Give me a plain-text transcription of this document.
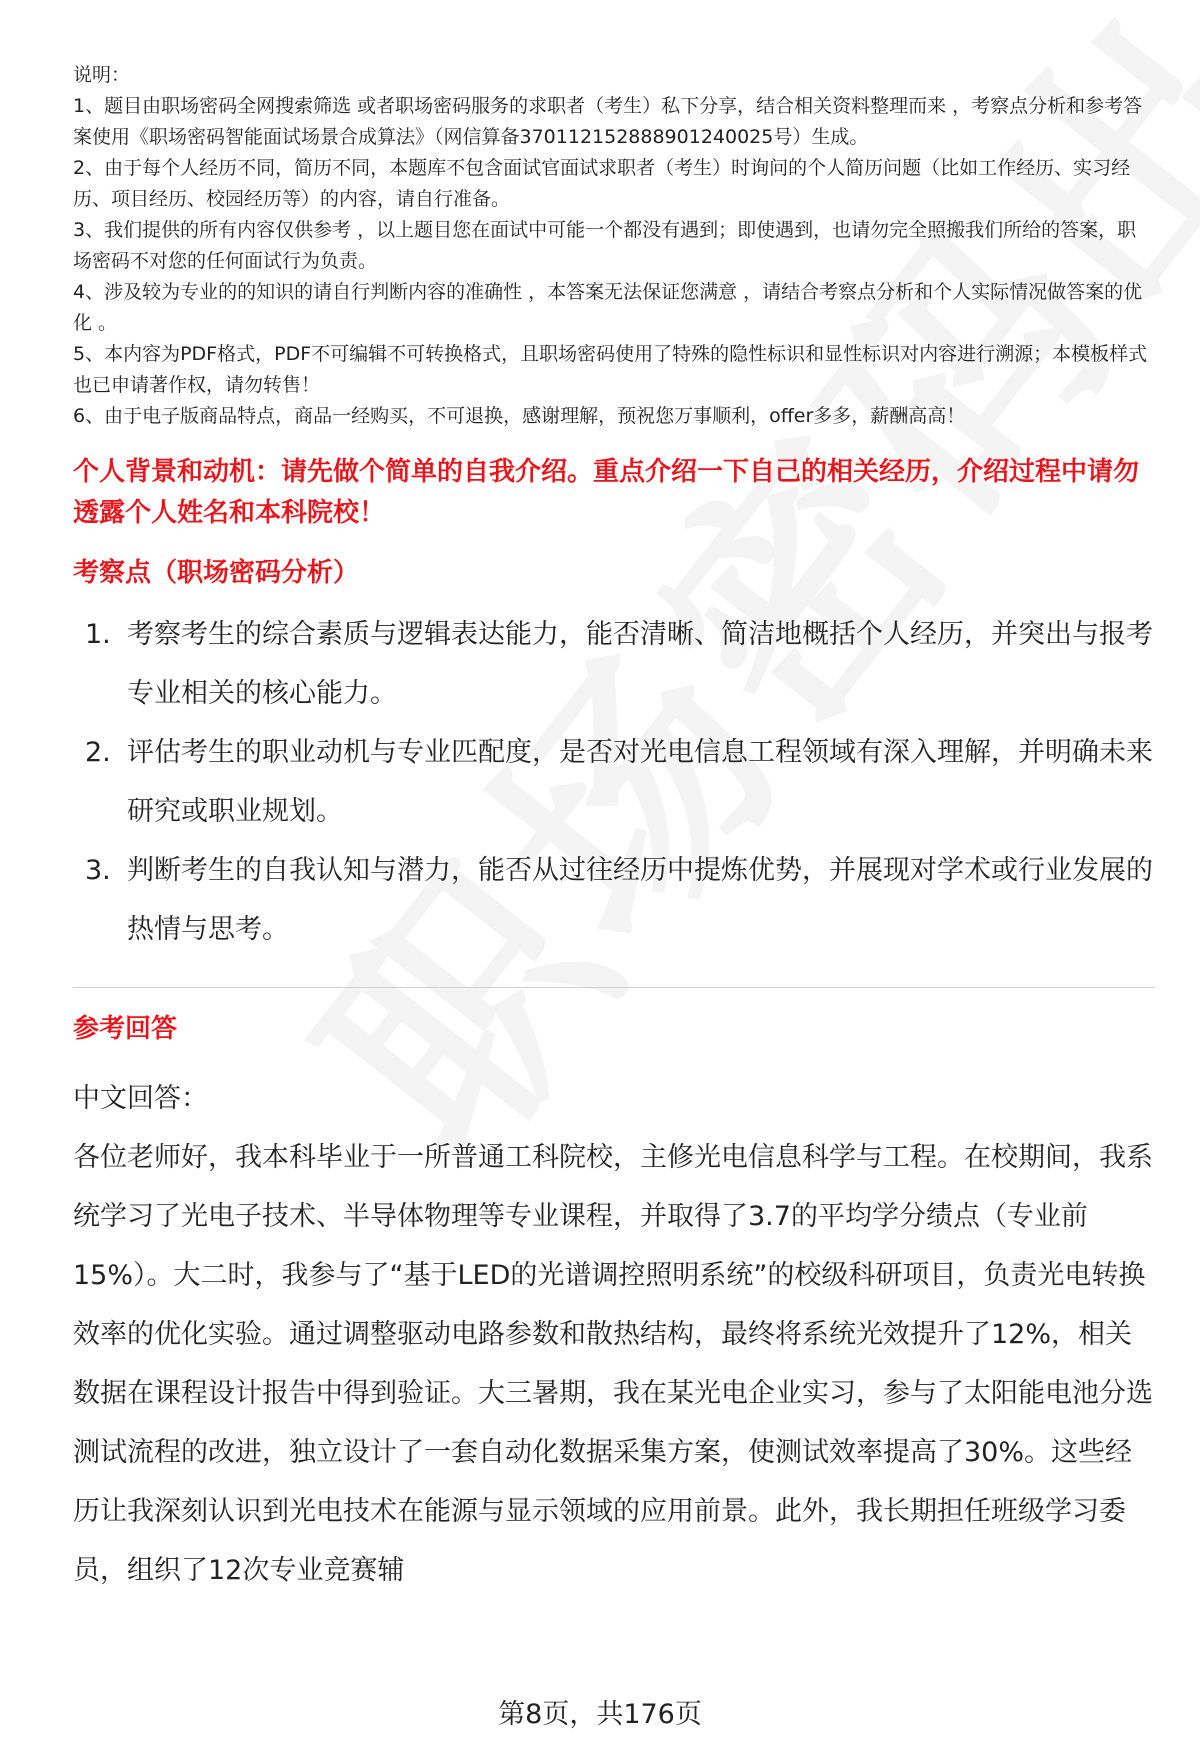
说明：

1、题目由职场密码全网搜索筛选 或者职场密码服务的求职者（考生）私下分享，结合相关资料整理而来 ，考察点分析和参考答案使用《职场密码智能面试场景合成算法》（网信算备370112152888901240025号）生成。

2、由于每个人经历不同，简历不同，本题库不包含面试官面试求职者（考生）时询问的个人简历问题（比如工作经历、实习经历、项目经历、校园经历等）的内容，请自行准备。

3、我们提供的所有内容仅供参考 ，以上题目您在面试中可能一个都没有遇到；即使遇到，也请勿完全照搬我们所给的答案，职场密码不对您的任何面试行为负责。

4、涉及较为专业的的知识的请自行判断内容的准确性 ，本答案无法保证您满意 ，请结合考察点分析和个人实际情况做答案的优化 。

5、本内容为PDF格式，PDF不可编辑不可转换格式，且职场密码使用了特殊的隐性标识和显性标识对内容进行溯源；本模板样式也已申请著作权，请勿转售！

6、由于电子版商品特点，商品一经购买，不可退换，感谢理解，预祝您万事顺利，offer多多，薪酬高高！

个人背景和动机：请先做个简单的自我介绍。重点介绍一下自己的相关经历，介绍过程中请勿透露个人姓名和本科院校！
考察点（职场密码分析）
1. 考察考生的综合素质与逻辑表达能力，能否清晰、简洁地概括个人经历，并突出与报考专业相关的核心能力。
2. 评估考生的职业动机与专业匹配度，是否对光电信息工程领域有深入理解，并明确未来研究或职业规划。
3. 判断考生的自我认知与潜力，能否从过往经历中提炼优势，并展现对学术或行业发展的热情与思考。
参考回答

中文回答：

各位老师好，我本科毕业于一所普通工科院校，主修光电信息科学与工程。在校期间，我系统学习了光电子技术、半导体物理等专业课程，并取得了3.7的平均学分绩点（专业前15%）。大二时，我参与了“基于LED的光谱调控照明系统”的校级科研项目，负责光电转换效率的优化实验。通过调整驱动电路参数和散热结构，最终将系统光效提升了12%，相关数据在课程设计报告中得到验证。大三暑期，我在某光电企业实习，参与了太阳能电池分选测试流程的改进，独立设计了一套自动化数据采集方案，使测试效率提高了30%。这些经历让我深刻认识到光电技术在能源与显示领域的应用前景。此外，我长期担任班级学习委员，组织了12次专业竞赛辅

第8页，共176页
